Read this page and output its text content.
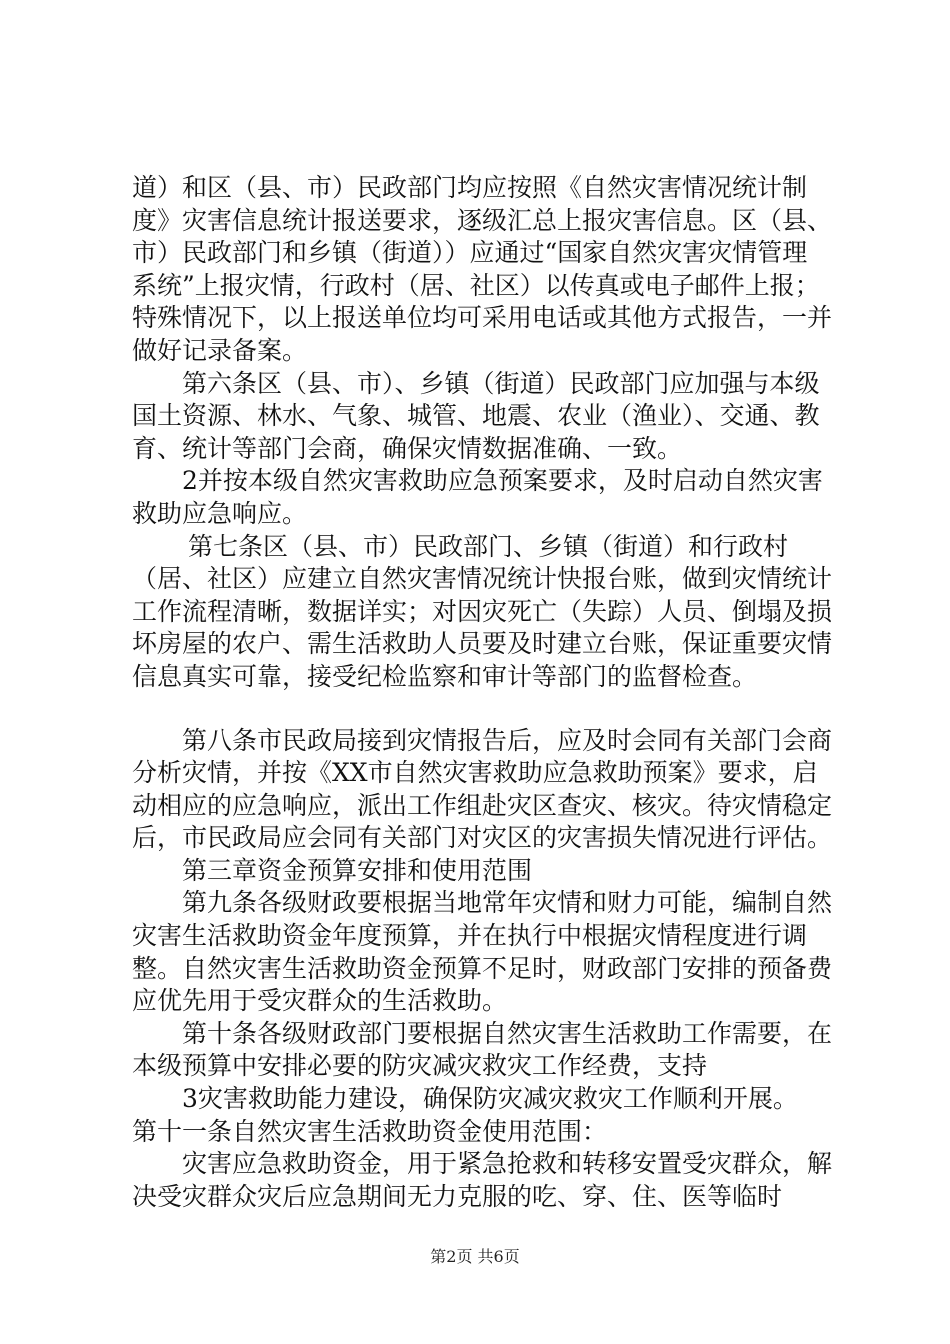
道）和区（县、市）民政部门均应按照《自然灾害情况统计制度》灾害信息统计报送要求，逐级汇总上报灾害信息。区（县、市）民政部门和乡镇（街道））应通过“国家自然灾害灾情管理系统”上报灾情，行政村（居、社区）以传真或电子邮件上报；特殊情况下，以上报送单位均可采用电话或其他方式报告，一并做好记录备案。

第六条区（县、市）、乡镇（街道）民政部门应加强与本级国土资源、林水、气象、城管、地震、农业（渔业）、交通、教育、统计等部门会商，确保灾情数据准确、一致。

2并按本级自然灾害救助应急预案要求，及时启动自然灾害救助应急响应。

第七条区（县、市）民政部门、乡镇（街道）和行政村（居、社区）应建立自然灾害情况统计快报台账，做到灾情统计工作流程清晰，数据详实；对因灾死亡（失踪）人员、倒塌及损坏房屋的农户、需生活救助人员要及时建立台账，保证重要灾情信息真实可靠，接受纪检监察和审计等部门的监督检查。

第八条市民政局接到灾情报告后，应及时会同有关部门会商分析灾情，并按《XX市自然灾害救助应急救助预案》要求，启动相应的应急响应，派出工作组赴灾区查灾、核灾。待灾情稳定后，市民政局应会同有关部门对灾区的灾害损失情况进行评估。

第三章资金预算安排和使用范围

第九条各级财政要根据当地常年灾情和财力可能，编制自然灾害生活救助资金年度预算，并在执行中根据灾情程度进行调整。自然灾害生活救助资金预算不足时，财政部门安排的预备费应优先用于受灾群众的生活救助。

第十条各级财政部门要根据自然灾害生活救助工作需要，在本级预算中安排必要的防灾减灾救灾工作经费，支持

3灾害救助能力建设，确保防灾减灾救灾工作顺利开展。

第十一条自然灾害生活救助资金使用范围：

灾害应急救助资金，用于紧急抢救和转移安置受灾群众，解决受灾群众灾后应急期间无力克服的吃、穿、住、医等临时

第2页 共6页
